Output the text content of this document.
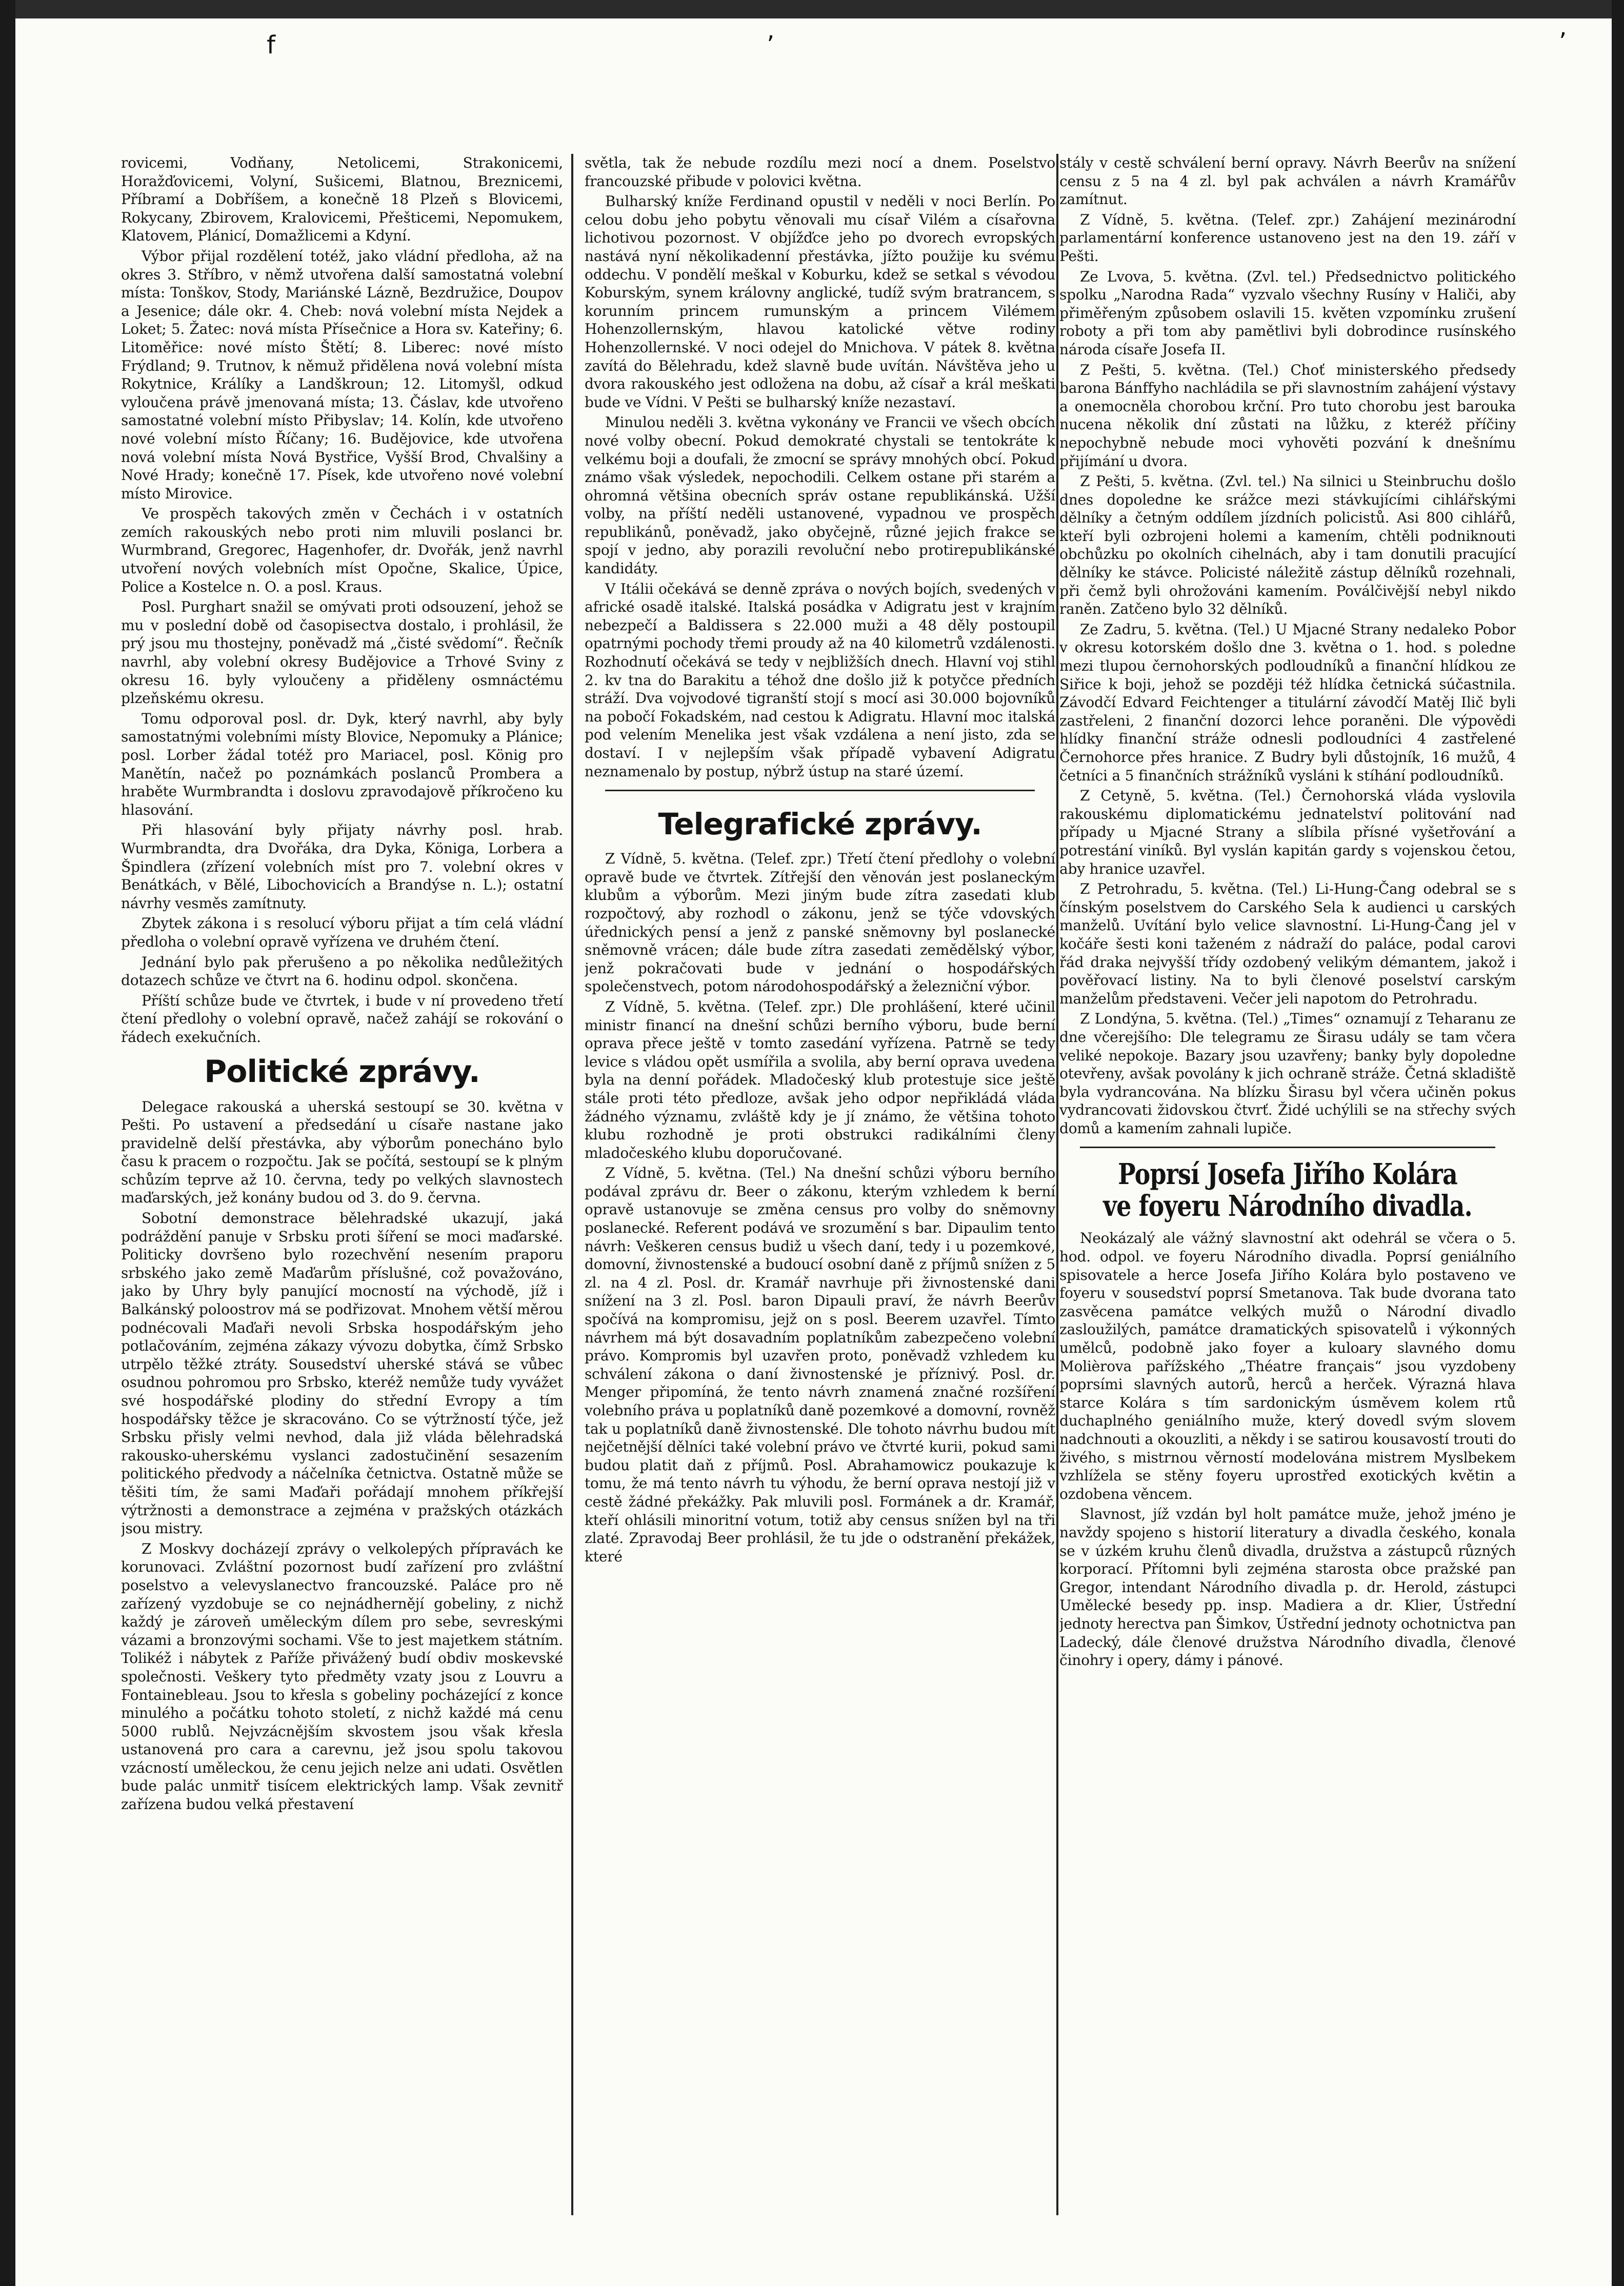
f	ʼ	ʼ

rovicemi, Vodňany, Netolicemi, Strakonicemi, Horažďovicemi, Volyní, Sušicemi, Blatnou, Breznicemi, Příbramí a Dobříšem, a konečně 18 Plzeň s Blovicemi, Rokycany, Zbirovem, Kralovicemi, Přešticemi, Nepomukem, Klatovem, Plánicí, Domažlicemi a Kdyní.

Výbor přijal rozdělení totéž, jako vládní předloha, až na okres 3. Stříbro, v němž utvořena další samostatná volební místa: Tonškov, Stody, Mariánské Lázně, Bezdružice, Doupov a Jesenice; dále okr. 4. Cheb: nová volební místa Nejdek a Loket; 5. Žatec: nová místa Přísečnice a Hora sv. Kateřiny; 6. Litoměřice: nové místo Štětí; 8. Liberec: nové místo Frýdland; 9. Trutnov, k němuž přidělena nová volební místa Rokytnice, Králíky a Landškroun; 12. Litomyšl, odkud vyloučena právě jmenovaná místa; 13. Čáslav, kde utvořeno samostatné volební místo Přibyslav; 14. Kolín, kde utvořeno nové volební místo Říčany; 16. Budějovice, kde utvořena nová volební místa Nová Bystřice, Vyšší Brod, Chvalšiny a Nové Hrady; konečně 17. Písek, kde utvořeno nové volební místo Mirovice.

Ve prospěch takových změn v Čechách i v ostatních zemích rakouských nebo proti nim mluvili poslanci br. Wurmbrand, Gregorec, Hagenhofer, dr. Dvořák, jenž navrhl utvoření nových volebních míst Opočne, Skalice, Úpice, Police a Kostelce n. O. a posl. Kraus.

Posl. Purghart snažil se omývati proti odsouzení, jehož se mu v poslední době od časopisectva dostalo, i prohlásil, že prý jsou mu thostejny, poněvadž má „čisté svědomí“. Řečník navrhl, aby volební okresy Budějovice a Trhové Sviny z okresu 16. byly vyloučeny a přiděleny osmnáctému plzeňskému okresu.

Tomu odporoval posl. dr. Dyk, který navrhl, aby byly samostatnými volebními místy Blovice, Nepomuky a Plánice; posl. Lorber žádal totéž pro Mariacel, posl. König pro Manětín, načež po poznámkách poslanců Prombera a hraběte Wurmbrandta i doslovu zpravodajově příkročeno ku hlasování.

Při hlasování byly přijaty návrhy posl. hrab. Wurmbrandta, dra Dvořáka, dra Dyka, Königa, Lorbera a Špindlera (zřízení volebních míst pro 7. volební okres v Benátkách, v Bělé, Libochovicích a Brandýse n. L.); ostatní návrhy vesměs zamítnuty.

Zbytek zákona i s resolucí výboru přijat a tím celá vládní předloha o volební opravě vyřízena ve druhém čtení.

Jednání bylo pak přerušeno a po několika nedůležitých dotazech schůze ve čtvrt na 6. hodinu odpol. skončena.

Příští schůze bude ve čtvrtek, i bude v ní provedeno třetí čtení předlohy o volební opravě, načež zahájí se rokování o řádech exekučních.

Politické zprávy.

Delegace rakouská a uherská sestoupí se 30. května v Pešti. Po ustavení a předsedání u císaře nastane jako pravidelně delší přestávka, aby výborům ponecháno bylo času k pracem o rozpočtu. Jak se počítá, sestoupí se k plným schůzím teprve až 10. června, tedy po velkých slavnostech maďarských, jež konány budou od 3. do 9. června.

Sobotní demonstrace bělehradské ukazují, jaká podráždění panuje v Srbsku proti šíření se moci maďarské. Politicky dovršeno bylo rozechvění nesením praporu srbského jako země Maďarům příslušné, což považováno, jako by Uhry byly panující mocností na východě, jíž i Balkánský poloostrov má se podřizovat. Mnohem větší měrou podnécovali Maďaři nevoli Srbska hospodářským jeho potlačováním, zejména zákazy vývozu dobytka, čímž Srbsko utrpělo těžké ztráty. Sousedství uherské stává se vůbec osudnou pohromou pro Srbsko, kteréž nemůže tudy vyvážet své hospodářské plodiny do střední Evropy a tím hospodářsky těžce je skracováno. Co se výtržností týče, jež Srbsku přisly velmi nevhod, dala již vláda bělehradská rakousko-uherskému vyslanci zadostučinění sesazením politického předvody a náčelníka četnictva. Ostatně může se těšiti tím, že sami Maďaři pořádají mnohem příkřejší výtržnosti a demonstrace a zejména v pražských otázkách jsou mistry.

Z Moskvy docházejí zprávy o velkolepých přípravách ke korunovaci. Zvláštní pozornost budí zařízení pro zvláštní poselstvo a velevyslanectvo francouzské. Paláce pro ně zařízený vyzdobuje se co nejnádhernějí gobeliny, z nichž každý je zároveň uměleckým dílem pro sebe, sevreskými vázami a bronzovými sochami. Vše to jest majetkem státním. Tolikéž i nábytek z Paříže přivážený budí obdiv moskevské společnosti. Veškery tyto předměty vzaty jsou z Louvru a Fontainebleau. Jsou to křesla s gobeliny pocházející z konce minulého a počátku tohoto století, z nichž každé má cenu 5000 rublů. Nejvzácnějším skvostem jsou však křesla ustanovená pro cara a carevnu, jež jsou spolu takovou vzácností uměleckou, že cenu jejich nelze ani udati. Osvětlen bude palác unmitř tisícem elektrických lamp. Však zevnitř zařízena budou velká přestavení

světla, tak že nebude rozdílu mezi nocí a dnem. Poselstvo francouzské přibude v polovici května.

Bulharský kníže Ferdinand opustil v neděli v noci Berlín. Po celou dobu jeho pobytu věnovali mu císař Vilém a císařovna lichotivou pozornost. V objížďce jeho po dvorech evropských nastává nyní několikadenní přestávka, jížto použije ku svému oddechu. V pondělí meškal v Koburku, kdež se setkal s vévodou Koburským, synem královny anglické, tudíž svým bratrancem, s korunním princem rumunským a princem Vilémem Hohenzollernským, hlavou katolické větve rodiny Hohenzollernské. V noci odejel do Mnichova. V pátek 8. května zavítá do Bělehradu, kdež slavně bude uvítán. Návštěva jeho u dvora rakouského jest odložena na dobu, až císař a král meškati bude ve Vídni. V Pešti se bulharský kníže nezastaví.

Minulou neděli 3. května vykonány ve Francii ve všech obcích nové volby obecní. Pokud demokraté chystali se tentokráte k velkému boji a doufali, že zmocní se správy mnohých obcí. Pokud známo však výsledek, nepochodili. Celkem ostane při starém a ohromná většina obecních správ ostane republikánská. Užší volby, na příští neděli ustanovené, vypadnou ve prospěch republikánů, poněvadž, jako obyčejně, různé jejich frakce se spojí v jedno, aby porazili revoluční nebo protirepublikánské kandidáty.

V Itálii očekává se denně zpráva o nových bojích, svedených v africké osadě italské. Italská posádka v Adigratu jest v krajním nebezpečí a Baldissera s 22.000 muži a 48 děly postoupil opatrnými pochody třemi proudy až na 40 kilometrů vzdálenosti. Rozhodnutí očekává se tedy v nejbližších dnech. Hlavní voj stihl 2. kv tna do Barakitu a téhož dne došlo již k potyčce předních stráží. Dva vojvodové tigranští stojí s mocí asi 30.000 bojovníků na pobočí Fokadském, nad cestou k Adigratu. Hlavní moc italská pod velením Menelika jest však vzdálena a není jisto, zda se dostaví. I v nejlepším však případě vybavení Adigratu neznamenalo by postup, nýbrž ústup na staré území.

Telegrafické zprávy.

Z Vídně, 5. května. (Telef. zpr.) Třetí čtení předlohy o volební opravě bude ve čtvrtek. Zítřejší den věnován jest poslaneckým klubům a výborům. Mezi jiným bude zítra zasedati klub rozpočtový, aby rozhodl o zákonu, jenž se týče vdovských úřednických pensí a jenž z panské sněmovny byl poslanecké sněmovně vrácen; dále bude zítra zasedati zemědělský výbor, jenž pokračovati bude v jednání o hospodářských společenstvech, potom národohospodářský a železniční výbor.

Z Vídně, 5. května. (Telef. zpr.) Dle prohlášení, které učinil ministr financí na dnešní schůzi berního výboru, bude berní oprava přece ještě v tomto zasedání vyřízena. Patrně se tedy levice s vládou opět usmířila a svolila, aby berní oprava uvedena byla na denní pořádek. Mladočeský klub protestuje sice ještě stále proti této předloze, avšak jeho odpor nepřikládá vláda žádného významu, zvláště kdy je jí známo, že většina tohoto klubu rozhodně je proti obstrukci radikálními členy mladočeského klubu doporučované.

Z Vídně, 5. května. (Tel.) Na dnešní schůzi výboru berního podával zprávu dr. Beer o zákonu, kterým vzhledem k berní opravě ustanovuje se změna census pro volby do sněmovny poslanecké. Referent podává ve srozumění s bar. Dipaulim tento návrh: Veškeren census budiž u všech daní, tedy i u pozemkové, domovní, živnostenské a budoucí osobní daně z příjmů snížen z 5 zl. na 4 zl. Posl. dr. Kramář navrhuje při živnostenské dani snížení na 3 zl. Posl. baron Dipauli praví, že návrh Beerův spočívá na kompromisu, jejž on s posl. Beerem uzavřel. Tímto návrhem má být dosavadním poplatníkům zabezpečeno volební právo. Kompromis byl uzavřen proto, poněvadž vzhledem ku schválení zákona o daní živnostenské je příznivý. Posl. dr. Menger připomíná, že tento návrh znamená značné rozšíření volebního práva u poplatníků daně pozemkové a domovní, rovněž tak u poplatníků daně živnostenské. Dle tohoto návrhu budou mít nejčetnější dělníci také volební právo ve čtvrté kurii, pokud sami budou platit daň z příjmů. Posl. Abrahamowicz poukazuje k tomu, že má tento návrh tu výhodu, že berní oprava nestojí již v cestě žádné překážky. Pak mluvili posl. Formánek a dr. Kramář, kteří ohlásili minoritní votum, totiž aby census snížen byl na tři zlaté. Zpravodaj Beer prohlásil, že tu jde o odstranění překážek, které

stály v cestě schválení berní opravy. Návrh Beerův na snížení censu z 5 na 4 zl. byl pak achválen a návrh Kramářův zamítnut.

Z Vídně, 5. května. (Telef. zpr.) Zahájení mezinárodní parlamentární konference ustanoveno jest na den 19. září v Pešti.

Ze Lvova, 5. května. (Zvl. tel.) Předsednictvo politického spolku „Narodna Rada“ vyzvalo všechny Rusíny v Haliči, aby přiměřeným způsobem oslavili 15. květen vzpomínku zrušení roboty a při tom aby pamětlivi byli dobrodince rusínského národa císaře Josefa II.

Z Pešti, 5. května. (Tel.) Choť ministerského předsedy barona Bánffyho nachládila se při slavnostním zahájení výstavy a onemocněla chorobou krční. Pro tuto chorobu jest barouka nucena několik dní zůstati na lůžku, z kteréž příčiny nepochybně nebude moci vyhověti pozvání k dnešnímu přijímání u dvora.

Z Pešti, 5. května. (Zvl. tel.) Na silnici u Steinbruchu došlo dnes dopoledne ke srážce mezi stávkujícími cihlářskými dělníky a četným oddílem jízdních policistů. Asi 800 cihlářů, kteří byli ozbrojeni holemi a kamením, chtěli podniknouti obchůzku po okolních cihelnách, aby i tam donutili pracující dělníky ke stávce. Policisté náležitě zástup dělníků rozehnali, při čemž byli ohrožováni kamením. Poválčivější nebyl nikdo raněn. Zatčeno bylo 32 dělníků.

Ze Zadru, 5. května. (Tel.) U Mjacné Strany nedaleko Pobor v okresu kotorském došlo dne 3. května o 1. hod. s poledne mezi tlupou černohorských podloudníků a finanční hlídkou ze Siřice k boji, jehož se později též hlídka četnická súčastnila. Závodčí Edvard Feichtenger a titulární závodčí Matěj Ilič byli zastřeleni, 2 finanční dozorci lehce poraněni. Dle výpovědi hlídky finanční stráže odnesli podloudníci 4 zastřelené Černohorce přes hranice. Z Budry byli důstojník, 16 mužů, 4 četníci a 5 finančních strážníků vysláni k stíhání podloudníků.

Z Cetyně, 5. května. (Tel.) Černohorská vláda vyslovila rakouskému diplomatickému jednatelství politování nad případy u Mjacné Strany a slíbila přísné vyšetřování a potrestání viníků. Byl vyslán kapitán gardy s vojenskou četou, aby hranice uzavřel.

Z Petrohradu, 5. května. (Tel.) Li-Hung-Čang odebral se s čínským poselstvem do Carského Sela k audienci u carských manželů. Uvítání bylo velice slavnostní. Li-Hung-Čang jel v kočáře šesti koni taženém z nádraží do paláce, podal carovi řád draka nejvyšší třídy ozdobený velikým démantem, jakož i pověřovací listiny. Na to byli členové poselství carským manželům představeni. Večer jeli napotom do Petrohradu.

Z Londýna, 5. května. (Tel.) „Times“ oznamují z Teharanu ze dne včerejšího: Dle telegramu ze Širasu udály se tam včera veliké nepokoje. Bazary jsou uzavřeny; banky byly dopoledne otevřeny, avšak povolány k jich ochraně stráže. Četná skladiště byla vydrancována. Na blízku Širasu byl včera učiněn pokus vydrancovati židovskou čtvrť. Židé uchýlili se na střechy svých domů a kamením zahnali lupiče.

Poprsí Josefa Jiřího Kolára ve foyeru Národního divadla.

Neokázalý ale vážný slavnostní akt odehrál se včera o 5. hod. odpol. ve foyeru Národního divadla. Poprsí geniálního spisovatele a herce Josefa Jiřího Kolára bylo postaveno ve foyeru v sousedství poprsí Smetanova. Tak bude dvorana tato zasvěcena památce velkých mužů o Národní divadlo zasloužilých, památce dramatických spisovatelů i výkonných umělců, podobně jako foyer a kuloary slavného domu Molièrova pařížského „Théatre français“ jsou vyzdobeny poprsími slavných autorů, herců a herček. Výrazná hlava starce Kolára s tím sardonickým úsměvem kolem rtů duchaplného geniálního muže, který dovedl svým slovem nadchnouti a okouzliti, a někdy i se satirou kousavostí trouti do živého, s mistrnou věrností modelována mistrem Myslbekem vzhlížela se stěny foyeru uprostřed exotických květin a ozdobena věncem.

Slavnost, jíž vzdán byl holt památce muže, jehož jméno je navždy spojeno s historií literatury a divadla českého, konala se v úzkém kruhu členů divadla, družstva a zástupců různých korporací. Přítomni byli zejména starosta obce pražské pan Gregor, intendant Národního divadla p. dr. Herold, zástupci Umělecké besedy pp. insp. Madiera a dr. Klier, Ústřední jednoty herectva pan Šimkov, Ústřední jednoty ochotnictva pan Ladecký, dále členové družstva Národního divadla, členové činohry i opery, dámy i pánové.
